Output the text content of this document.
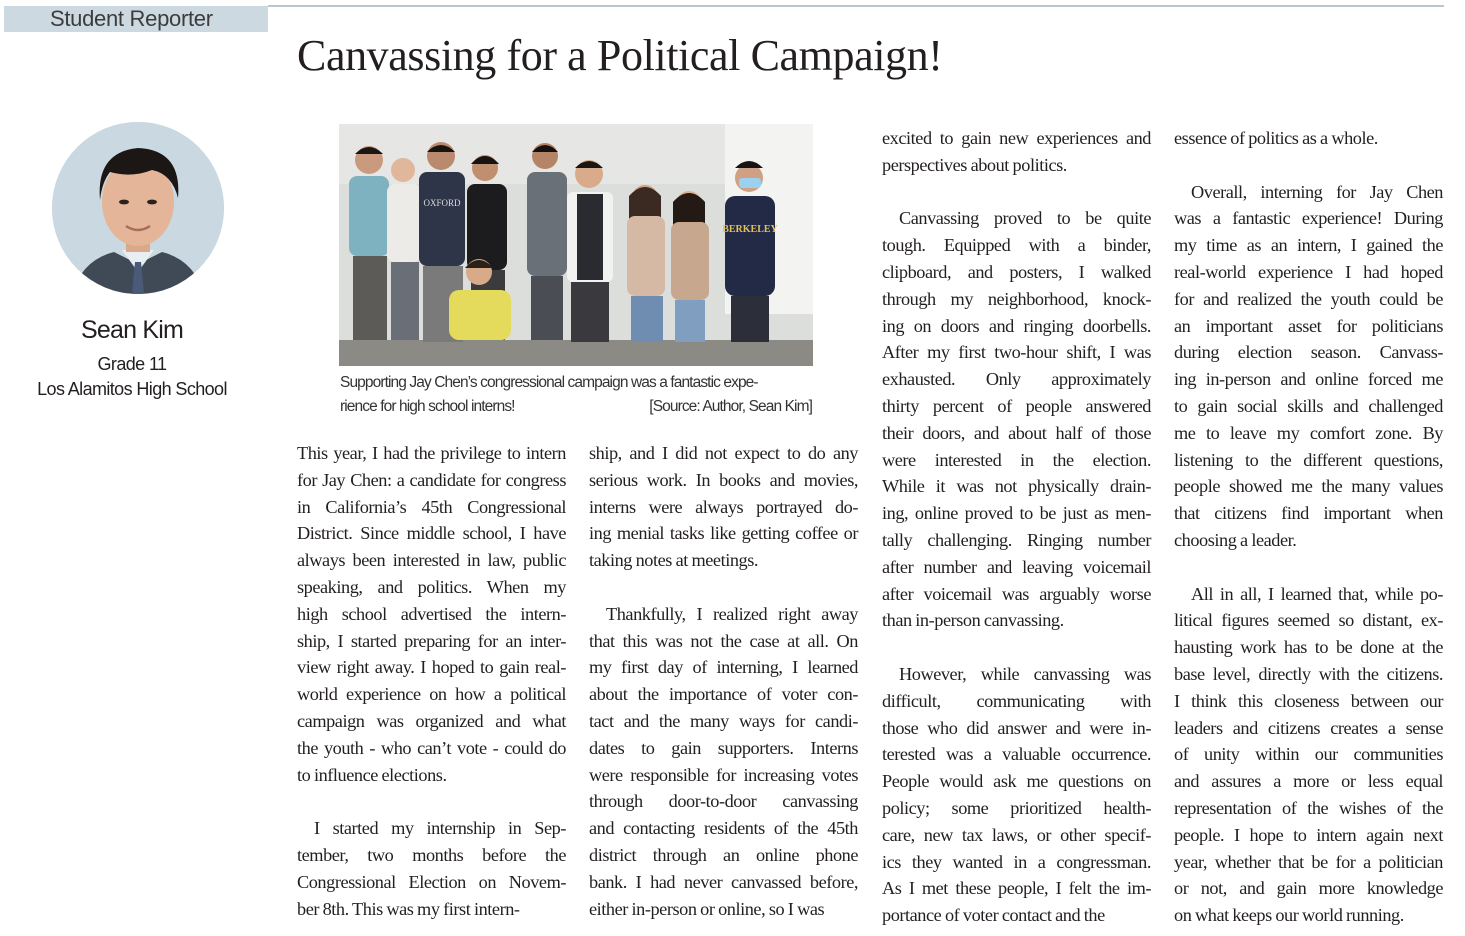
Student Reporter
Canvassing for a Political Campaign!
Sean Kim
Grade 11
Los Alamitos High School
OXFORD
BERKELEY
Supporting Jay Chen’s congressional campaign was a fantastic expe-
rience for high school interns!	[Source: Author, Sean Kim]
This year, I had the privilege to intern
for Jay Chen: a candidate for congress
in California’s 45th Congressional
District. Since middle school, I have
always been interested in law, public
speaking, and politics. When my
high school advertised the intern-
ship, I started preparing for an inter-
view right away. I hoped to gain real-
world experience on how a political
campaign was organized and what
the youth - who can’t vote - could do
to influence elections.
I started my internship in Sep-
tember, two months before the
Congressional Election on Novem-
ber 8th. This was my first intern-
ship, and I did not expect to do any
serious work. In books and movies,
interns were always portrayed do-
ing menial tasks like getting coffee or
taking notes at meetings.
Thankfully, I realized right away
that this was not the case at all. On
my first day of interning, I learned
about the importance of voter con-
tact and the many ways for candi-
dates to gain supporters. Interns
were responsible for increasing votes
through door-to-door canvassing
and contacting residents of the 45th
district through an online phone
bank. I had never canvassed before,
either in-person or online, so I was
excited to gain new experiences and
perspectives about politics.
Canvassing proved to be quite
tough. Equipped with a binder,
clipboard, and posters, I walked
through my neighborhood, knock-
ing on doors and ringing doorbells.
After my first two-hour shift, I was
exhausted. Only approximately
thirty percent of people answered
their doors, and about half of those
were interested in the election.
While it was not physically drain-
ing, online proved to be just as men-
tally challenging. Ringing number
after number and leaving voicemail
after voicemail was arguably worse
than in-person canvassing.
However, while canvassing was
difficult, communicating with
those who did answer and were in-
terested was a valuable occurrence.
People would ask me questions on
policy; some prioritized health-
care, new tax laws, or other specif-
ics they wanted in a congressman.
As I met these people, I felt the im-
portance of voter contact and the
essence of politics as a whole.
Overall, interning for Jay Chen
was a fantastic experience! During
my time as an intern, I gained the
real-world experience I had hoped
for and realized the youth could be
an important asset for politicians
during election season. Canvass-
ing in-person and online forced me
to gain social skills and challenged
me to leave my comfort zone. By
listening to the different questions,
people showed me the many values
that citizens find important when
choosing a leader.
All in all, I learned that, while po-
litical figures seemed so distant, ex-
hausting work has to be done at the
base level, directly with the citizens.
I think this closeness between our
leaders and citizens creates a sense
of unity within our communities
and assures a more or less equal
representation of the wishes of the
people. I hope to intern again next
year, whether that be for a politician
or not, and gain more knowledge
on what keeps our world running.
